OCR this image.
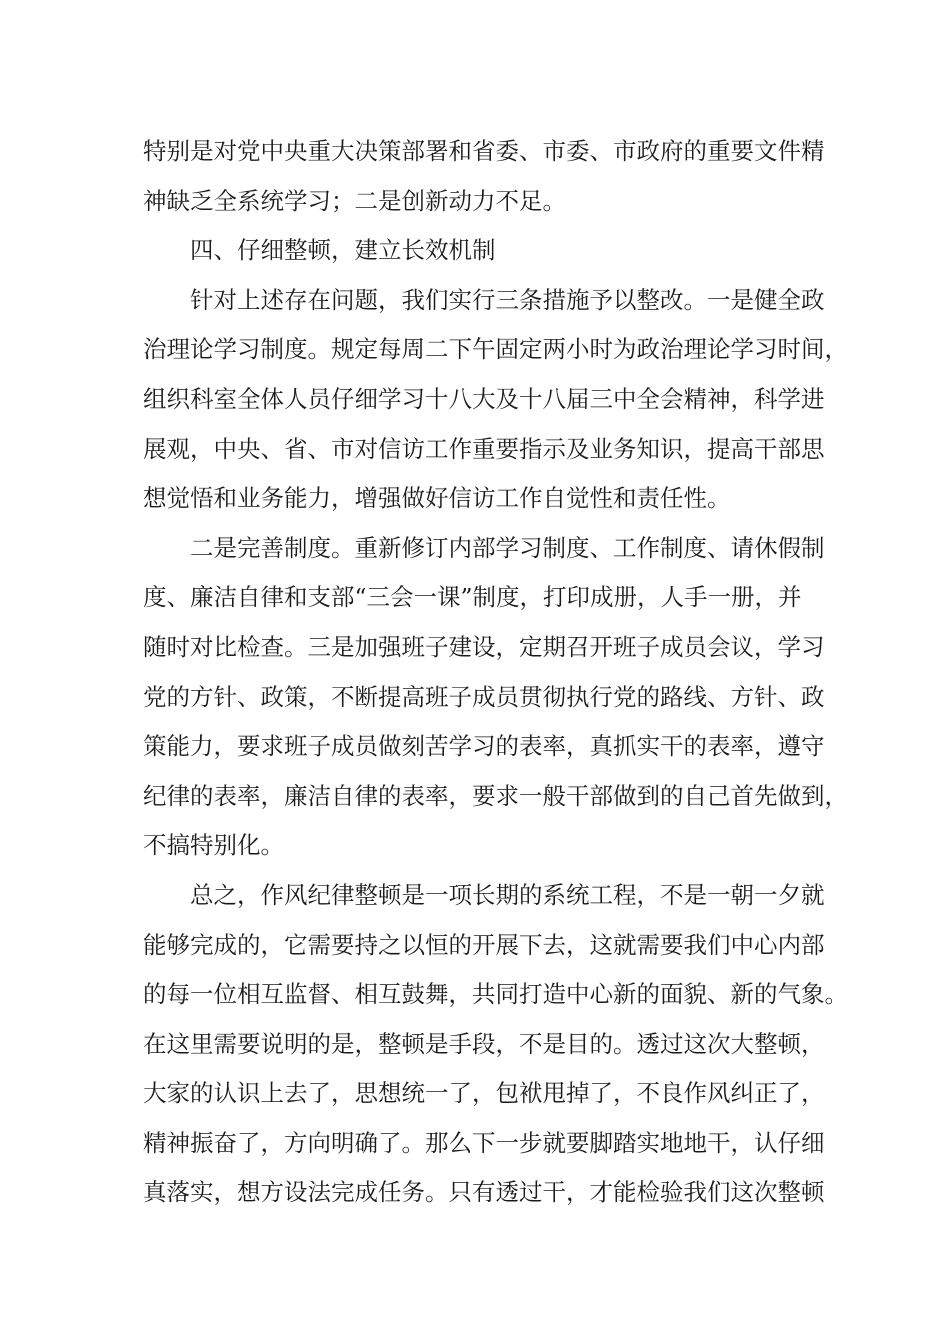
特别是对党中央重大决策部署和省委、市委、市政府的重要文件精
神缺乏全系统学习；二是创新动力不足。
四、仔细整顿，建立长效机制
针对上述存在问题，我们实行三条措施予以整改。一是健全政
治理论学习制度。规定每周二下午固定两小时为政治理论学习时间，
组织科室全体人员仔细学习十八大及十八届三中全会精神，科学进
展观，中央、省、市对信访工作重要指示及业务知识，提高干部思
想觉悟和业务能力，增强做好信访工作自觉性和责任性。
二是完善制度。重新修订内部学习制度、工作制度、请休假制
度、廉洁自律和支部“三会一课”制度，打印成册，人手一册，并
随时对比检查。三是加强班子建设，定期召开班子成员会议，学习
党的方针、政策，不断提高班子成员贯彻执行党的路线、方针、政
策能力，要求班子成员做刻苦学习的表率，真抓实干的表率，遵守
纪律的表率，廉洁自律的表率，要求一般干部做到的自己首先做到，
不搞特别化。
总之，作风纪律整顿是一项长期的系统工程，不是一朝一夕就
能够完成的，它需要持之以恒的开展下去，这就需要我们中心内部
的每一位相互监督、相互鼓舞，共同打造中心新的面貌、新的气象。
在这里需要说明的是，整顿是手段，不是目的。透过这次大整顿，
大家的认识上去了，思想统一了，包袱甩掉了，不良作风纠正了，
精神振奋了，方向明确了。那么下一步就要脚踏实地地干，认仔细
真落实，想方设法完成任务。只有透过干，才能检验我们这次整顿
